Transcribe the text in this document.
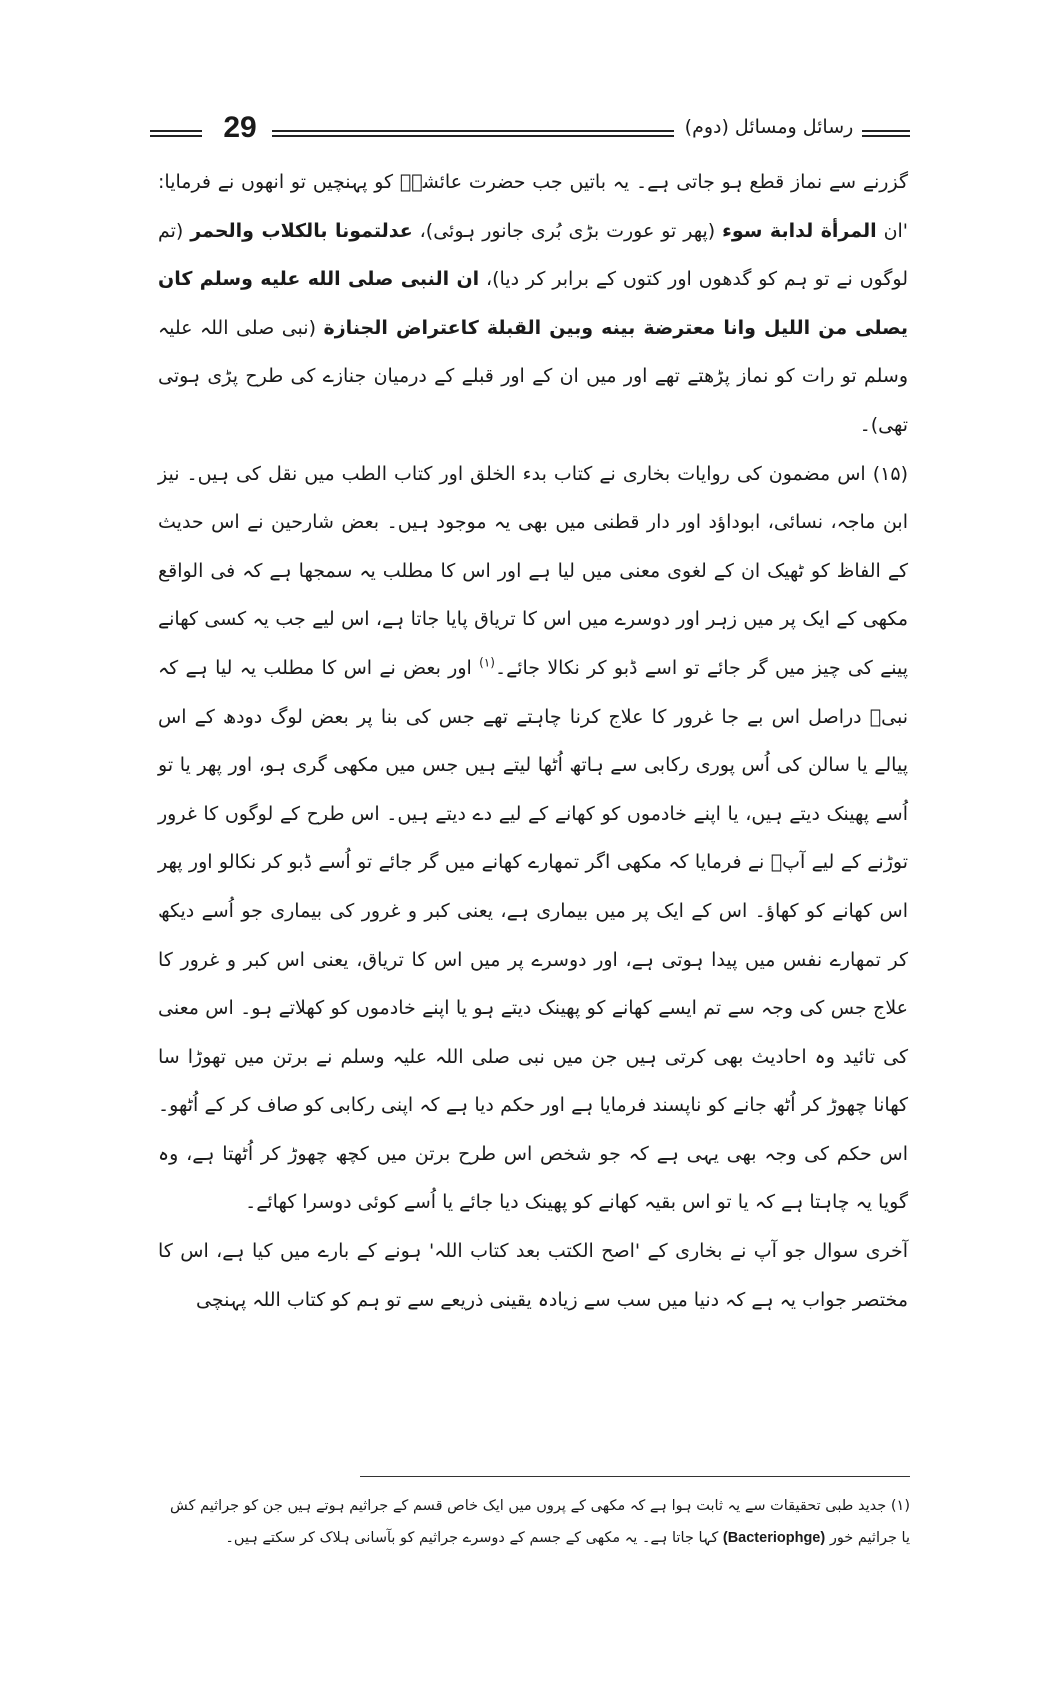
29	رسائل ومسائل (دوم)

گزرنے سے نماز قطع ہو جاتی ہے۔ یہ باتیں جب حضرت عائشہؓ کو پہنچیں تو انھوں نے فرمایا: 'ان المرأة لدابة سوء (پھر تو عورت بڑی بُری جانور ہوئی)، عدلتمونا بالكلاب والحمر (تم لوگوں نے تو ہم کو گدھوں اور کتوں کے برابر کر دیا)، ان النبی صلی الله عليه وسلم كان يصلی من الليل وانا معترضة بينه وبين القبلة كاعتراض الجنازة (نبی صلی اللہ علیہ وسلم تو رات کو نماز پڑھتے تھے اور میں ان کے اور قبلے کے درمیان جنازے کی طرح پڑی ہوتی تھی)۔

(۱۵) اس مضمون کی روایات بخاری نے کتاب بدء الخلق اور کتاب الطب میں نقل کی ہیں۔ نیز ابن ماجہ، نسائی، ابوداؤد اور دار قطنی میں بھی یہ موجود ہیں۔ بعض شارحین نے اس حدیث کے الفاظ کو ٹھیک ان کے لغوی معنی میں لیا ہے اور اس کا مطلب یہ سمجھا ہے کہ فی الواقع مکھی کے ایک پر میں زہر اور دوسرے میں اس کا تریاق پایا جاتا ہے، اس لیے جب یہ کسی کھانے پینے کی چیز میں گر جائے تو اسے ڈبو کر نکالا جائے۔$^{(۱)}$ اور بعض نے اس کا مطلب یہ لیا ہے کہ نبیؐ دراصل اس بے جا غرور کا علاج کرنا چاہتے تھے جس کی بنا پر بعض لوگ دودھ کے اس پیالے یا سالن کی اُس پوری رکابی سے ہاتھ اُٹھا لیتے ہیں جس میں مکھی گری ہو، اور پھر یا تو اُسے پھینک دیتے ہیں، یا اپنے خادموں کو کھانے کے لیے دے دیتے ہیں۔ اس طرح کے لوگوں کا غرور توڑنے کے لیے آپؐ نے فرمایا کہ مکھی اگر تمھارے کھانے میں گر جائے تو اُسے ڈبو کر نکالو اور پھر اس کھانے کو کھاؤ۔ اس کے ایک پر میں بیماری ہے، یعنی کبر و غرور کی بیماری جو اُسے دیکھ کر تمھارے نفس میں پیدا ہوتی ہے، اور دوسرے پر میں اس کا تریاق، یعنی اس کبر و غرور کا علاج جس کی وجہ سے تم ایسے کھانے کو پھینک دیتے ہو یا اپنے خادموں کو کھلاتے ہو۔ اس معنی کی تائید وہ احادیث بھی کرتی ہیں جن میں نبی صلی اللہ علیہ وسلم نے برتن میں تھوڑا سا کھانا چھوڑ کر اُٹھ جانے کو ناپسند فرمایا ہے اور حکم دیا ہے کہ اپنی رکابی کو صاف کر کے اُٹھو۔ اس حکم کی وجہ بھی یہی ہے کہ جو شخص اس طرح برتن میں کچھ چھوڑ کر اُٹھتا ہے، وہ گویا یہ چاہتا ہے کہ یا تو اس بقیہ کھانے کو پھینک دیا جائے یا اُسے کوئی دوسرا کھائے۔

آخری سوال جو آپ نے بخاری کے 'اصح الکتب بعد کتاب اللہ' ہونے کے بارے میں کیا ہے، اس کا مختصر جواب یہ ہے کہ دنیا میں سب سے زیادہ یقینی ذریعے سے تو ہم کو کتاب اللہ پہنچی

(۱) جدید طبی تحقیقات سے یہ ثابت ہوا ہے کہ مکھی کے پروں میں ایک خاص قسم کے جراثیم ہوتے ہیں جن کو جراثیم کش یا جراثیم خور (Bacteriophge) کہا جاتا ہے۔ یہ مکھی کے جسم کے دوسرے جراثیم کو بآسانی ہلاک کر سکتے ہیں۔
